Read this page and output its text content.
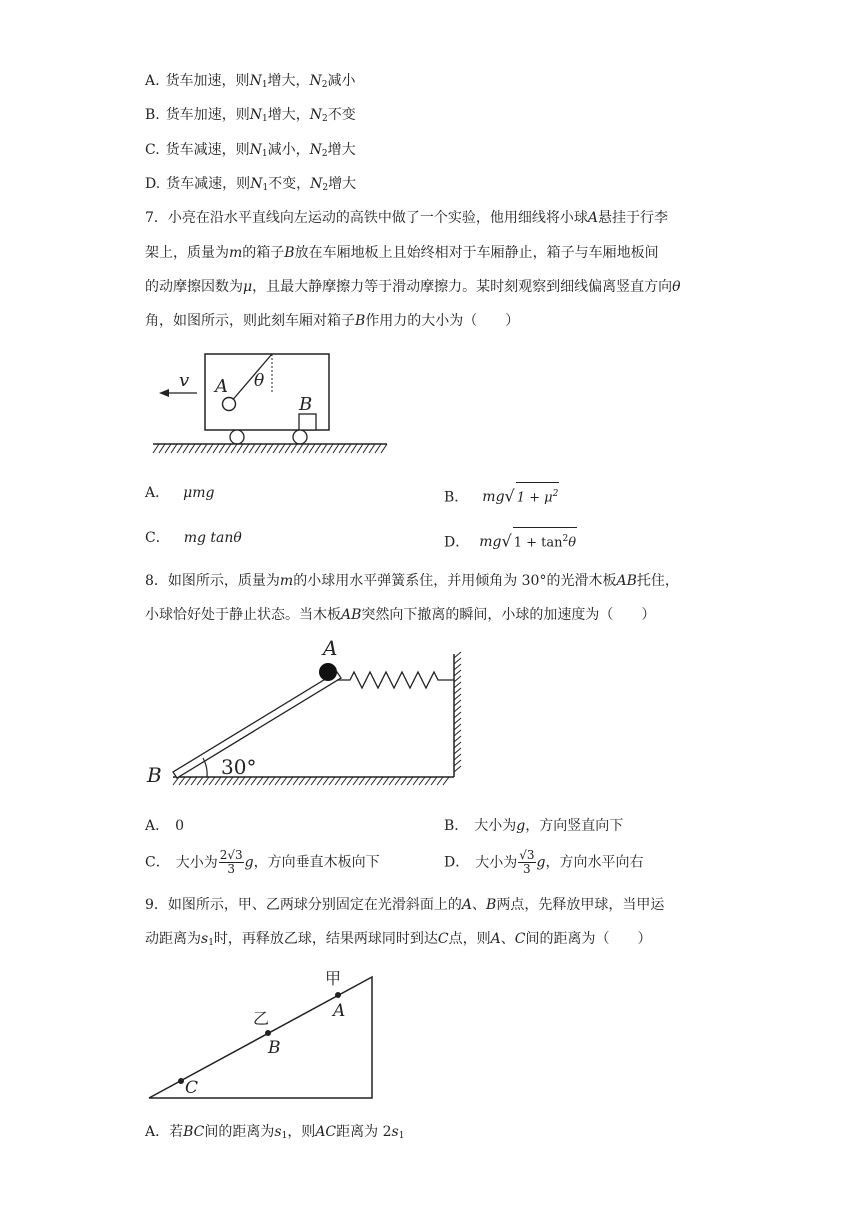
A. 货车加速，则$N_1$增大，$N_2$减小
B. 货车加速，则$N_1$增大，$N_2$不变
C. 货车减速，则$N_1$减小，$N_2$增大
D. 货车减速，则$N_1$不变，$N_2$增大
7．小亮在沿水平直线向左运动的高铁中做了一个实验，他用细线将小球A悬挂于行李
架上，质量为m的箱子B放在车厢地板上且始终相对于车厢静止，箱子与车厢地板间
的动摩擦因数为μ，且最大静摩擦力等于滑动摩擦力。某时刻观察到细线偏离竖直方向θ
角，如图所示，则此刻车厢对箱子B作用力的大小为（　　）
v A θ
B
A． μmg	B． mg√ $1 + \mu^2$
C． mg tanθ	D． mg√ $1 + \tan^2\theta$
8．如图所示，质量为m的小球用水平弹簧系住，并用倾角为 30°的光滑木板AB托住，
小球恰好处于静止状态。当木板AB突然向下撤离的瞬间，小球的加速度为（　　）
30°
B
A
A． 0	B． 大小为g，方向竖直向下
C． 大小为 $\frac{2√3}{3}$ g，方向垂直木板向下	D． 大小为 $\frac{√3}{3}$ g，方向水平向右
9．如图所示，甲、乙两球分别固定在光滑斜面上的A、B两点，先释放甲球，当甲运
动距离为$s_1$时，再释放乙球，结果两球同时到达C点，则A、C间的距离为（　　）
甲
A
乙
B
C
A．若BC间的距离为$s_1$，则AC距离为 $2s_1$
